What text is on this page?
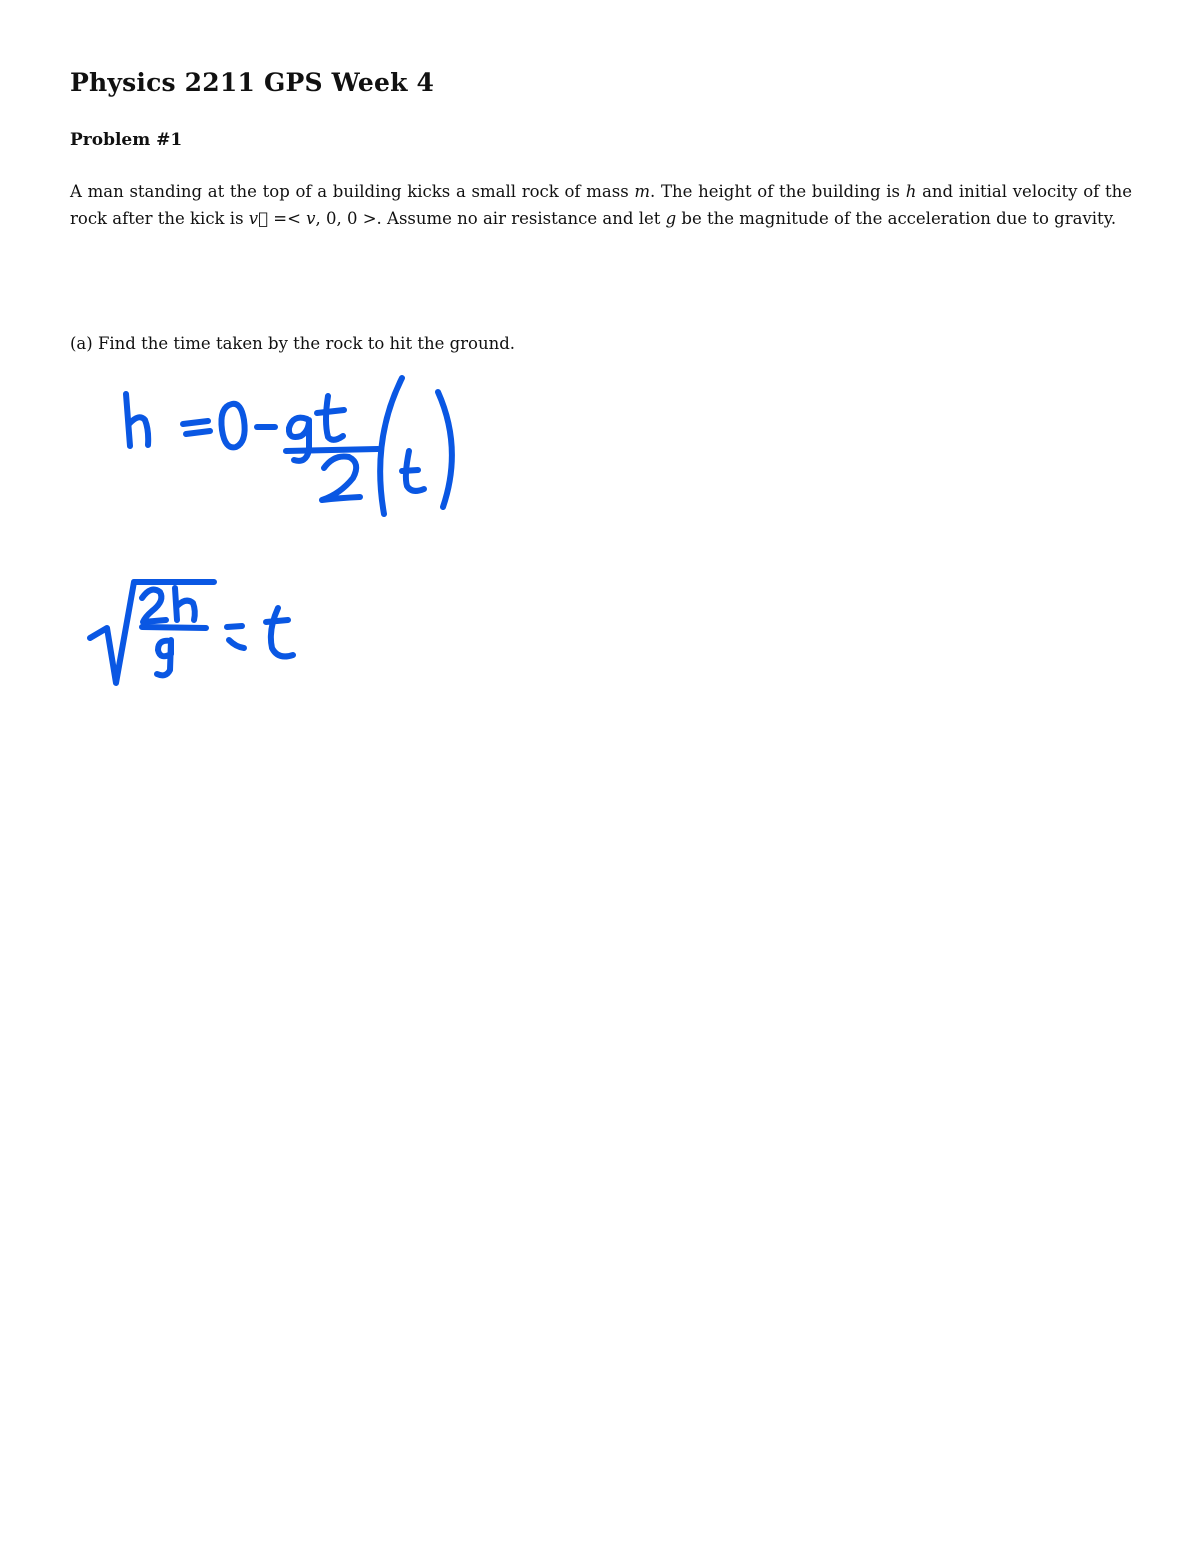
Physics 2211 GPS Week 4
Problem #1

A man standing at the top of a building kicks a small rock of mass m. The height of the building is h and initial velocity of the rock after the kick is v⃗ =< v, 0, 0 >. Assume no air resistance and let g be the magnitude of the acceleration due to gravity.

(a) Find the time taken by the rock to hit the ground.
